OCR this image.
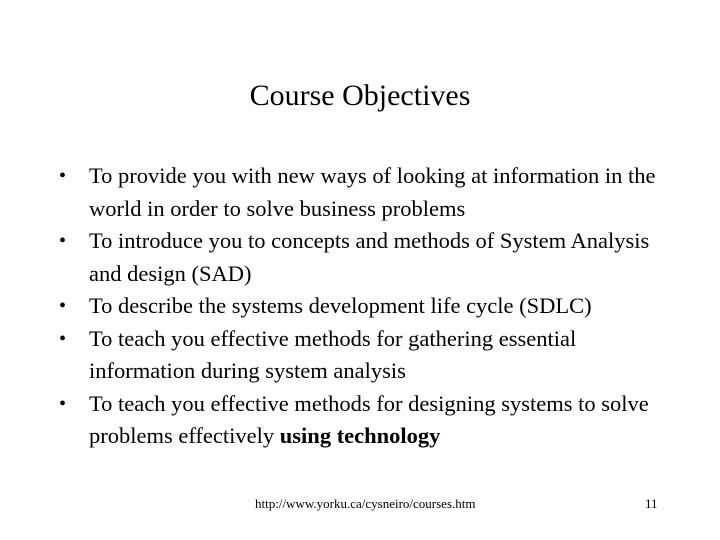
Course Objectives
• To provide you with new ways of looking at information in the world in order to solve business problems
• To introduce you to concepts and methods of System Analysis and design (SAD)
• To describe the systems development life cycle (SDLC)
• To teach you effective methods for gathering essential information during system analysis
• To teach you effective methods for designing systems to solve problems effectively using technology
http://www.yorku.ca/cysneiro/courses.htm	11
